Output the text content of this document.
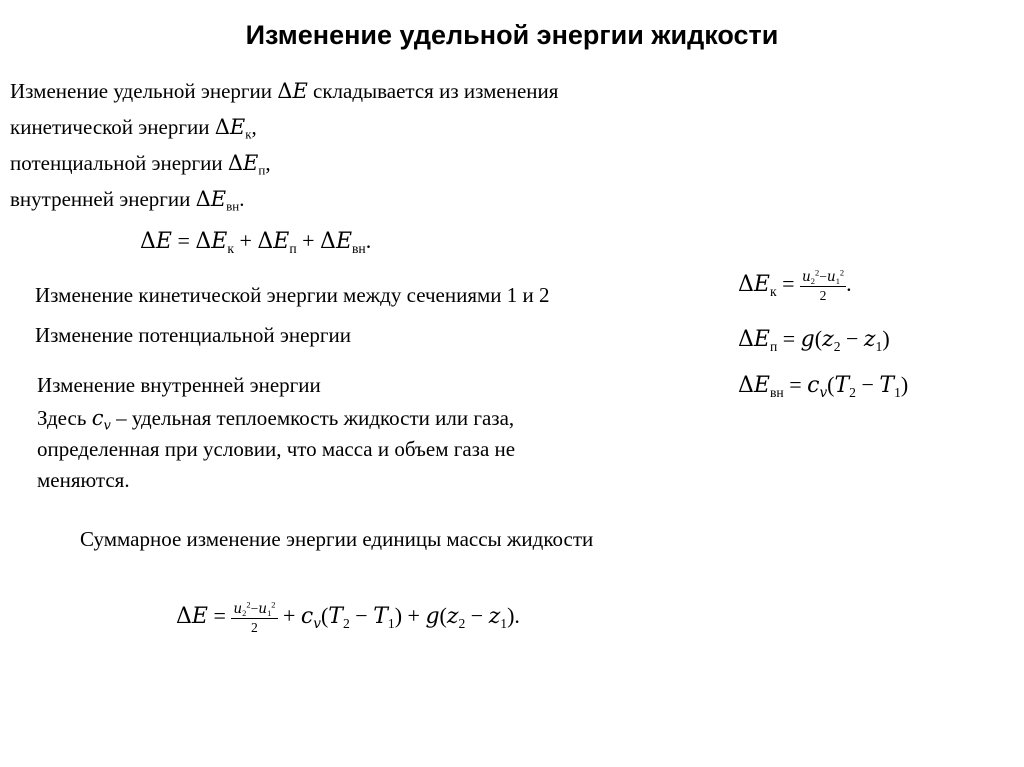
Изменение удельной энергии жидкости
Изменение удельной энергии ΔE складывается из изменения
кинетической энергии $\Delta E_к$,
потенциальной энергии $\Delta E_п$,
внутренней энергии $\Delta E_{вн}$.
$\Delta E = \Delta E_к + \Delta E_п + \Delta E_{вн}$.
Изменение кинетической энергии между сечениями 1 и 2	$\Delta E_к = \frac{u_2^2-u_1^2}{2}$ .
Изменение потенциальной энергии	$\Delta E_п = g(z_2 - z_1)$
Изменение внутренней энергии	$\Delta E_{вн} = c_v(T_2 - T_1)$
Здесь $c_v$ – удельная теплоемкость жидкости или газа,
определенная при условии, что масса и объем газа не
меняются.
Суммарное изменение энергии единицы массы жидкости
$\Delta E = \frac{u_2^2-u_1^2}{2} + c_v(T_2 - T_1) + g(z_2 - z_1)$.
